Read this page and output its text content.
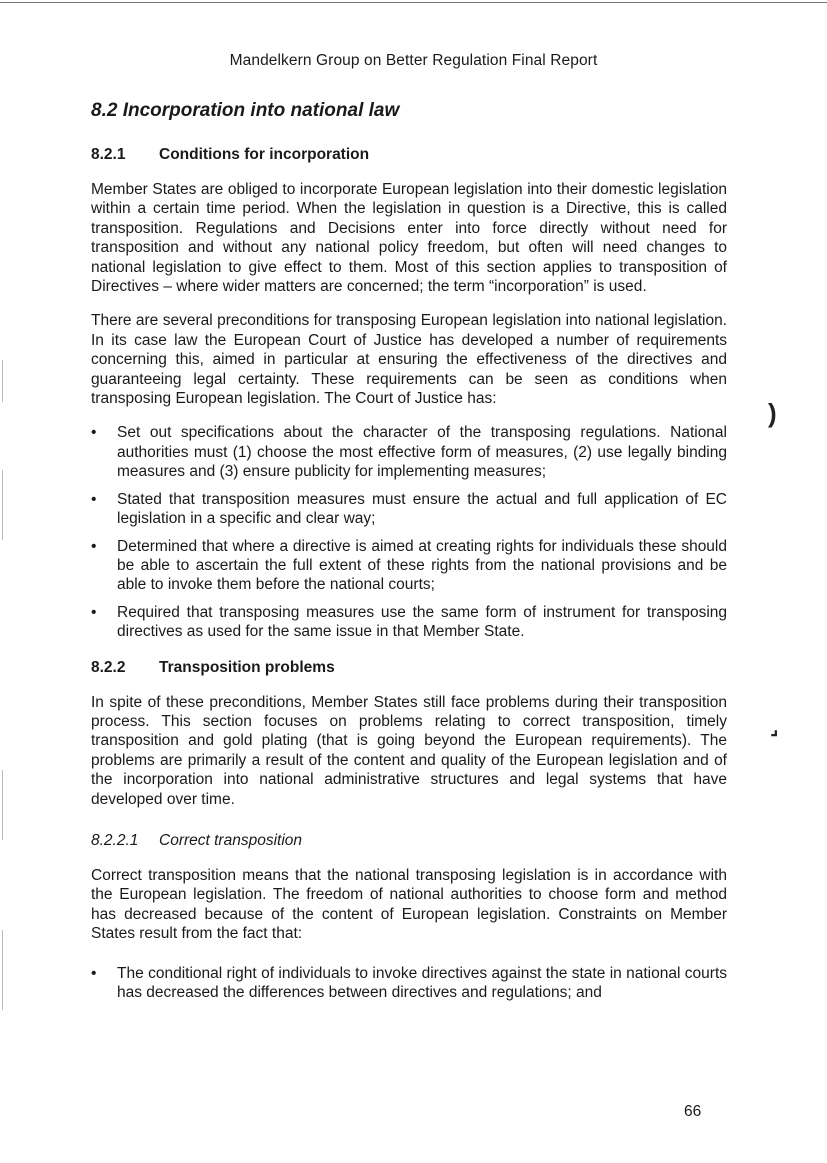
Mandelkern Group on Better Regulation Final Report
8.2 Incorporation into national law
8.2.1 Conditions for incorporation

Member States are obliged to incorporate European legislation into their domestic legislation within a certain time period. When the legislation in question is a Directive, this is called transposition. Regulations and Decisions enter into force directly without need for transposition and without any national policy freedom, but often will need changes to national legislation to give effect to them. Most of this section applies to transposition of Directives – where wider matters are concerned; the term “incorporation” is used.

There are several preconditions for transposing European legislation into national legislation. In its case law the European Court of Justice has developed a number of requirements concerning this, aimed in particular at ensuring the effectiveness of the directives and guaranteeing legal certainty. These requirements can be seen as conditions when transposing European legislation. The Court of Justice has:

• Set out specifications about the character of the transposing regulations. National authorities must (1) choose the most effective form of measures, (2) use legally binding measures and (3) ensure publicity for implementing measures;
• Stated that transposition measures must ensure the actual and full application of EC legislation in a specific and clear way;
• Determined that where a directive is aimed at creating rights for individuals these should be able to ascertain the full extent of these rights from the national provisions and be able to invoke them before the national courts;
• Required that transposing measures use the same form of instrument for transposing directives as used for the same issue in that Member State.
8.2.2 Transposition problems

In spite of these preconditions, Member States still face problems during their transposition process. This section focuses on problems relating to correct transposition, timely transposition and gold plating (that is going beyond the European requirements). The problems are primarily a result of the content and quality of the European legislation and of the incorporation into national administrative structures and legal systems that have developed over time.

8.2.2.1 Correct transposition

Correct transposition means that the national transposing legislation is in accordance with the European legislation. The freedom of national authorities to choose form and method has decreased because of the content of European legislation. Constraints on Member States result from the fact that:

• The conditional right of individuals to invoke directives against the state in national courts has decreased the differences between directives and regulations; and
)
⌟
66
